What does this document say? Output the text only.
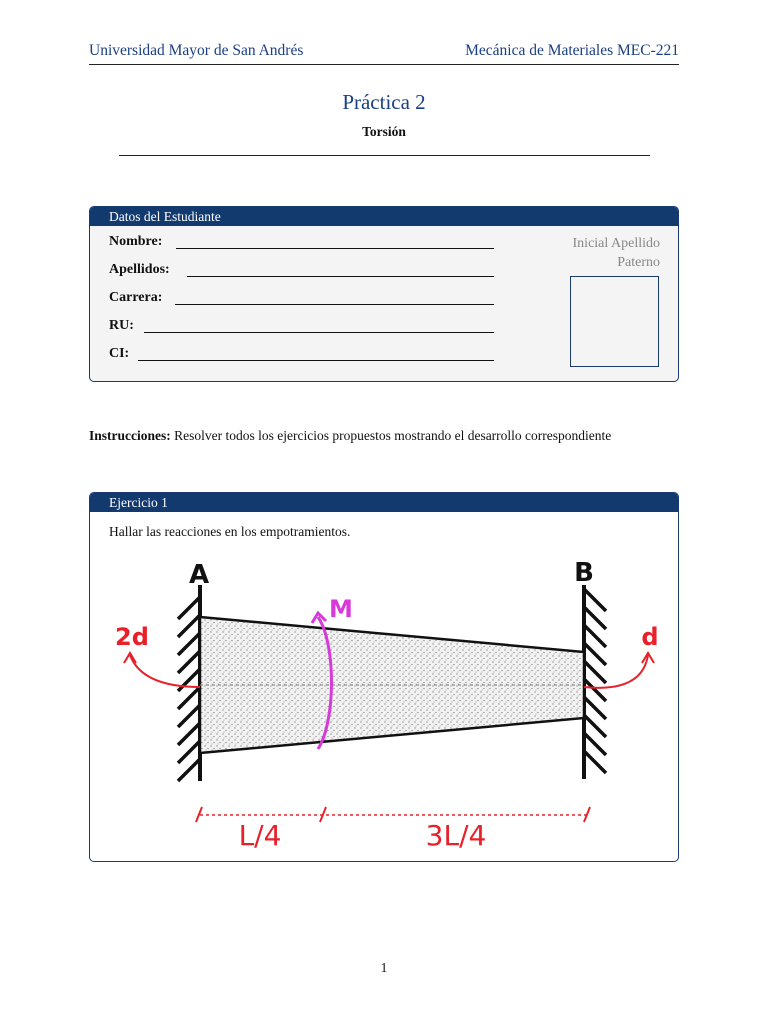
Universidad Mayor de San Andrés	Mecánica de Materiales MEC-221
Práctica 2
Torsión
Datos del Estudiante
Nombre:
Apellidos:
Carrera:
RU:
CI:
Inicial Apellido
Paterno
Instrucciones: Resolver todos los ejercicios propuestos mostrando el desarrollo correspondiente
Ejercicio 1
Hallar las reacciones en los empotramientos.
A	B
2d	d
M
L/4	3L/4
1
